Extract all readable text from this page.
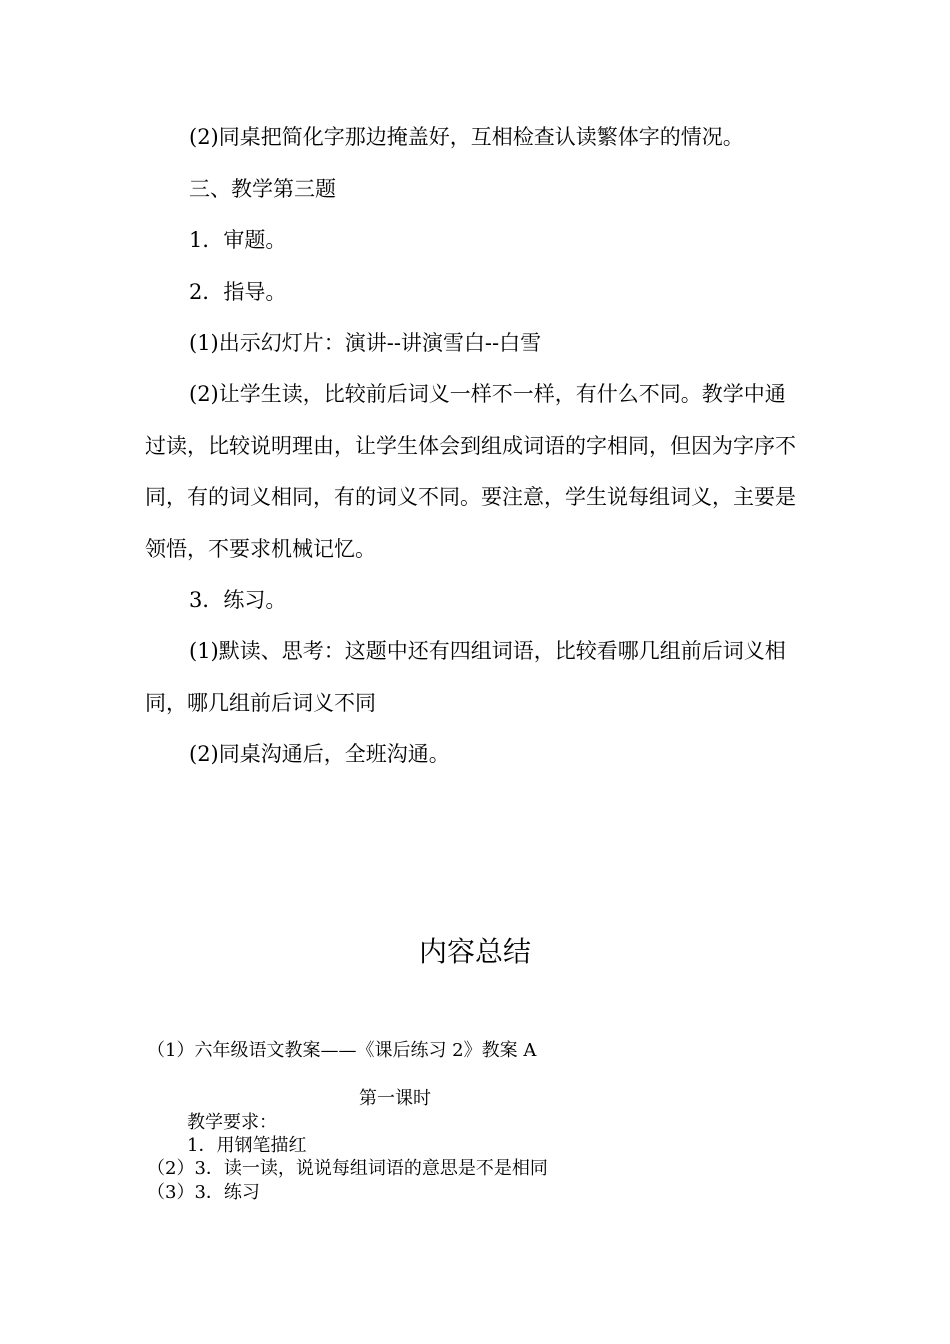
(2)同桌把简化字那边掩盖好，互相检查认读繁体字的情况。

三、教学第三题

1．审题。

2．指导。

(1)出示幻灯片：演讲--讲演雪白--白雪

(2)让学生读，比较前后词义一样不一样，有什么不同。教学中通过读，比较说明理由，让学生体会到组成词语的字相同，但因为字序不同，有的词义相同，有的词义不同。要注意，学生说每组词义，主要是领悟，不要求机械记忆。

3．练习。

(1)默读、思考：这题中还有四组词语，比较看哪几组前后词义相同，哪几组前后词义不同

(2)同桌沟通后，全班沟通。

内容总结
（1）六年级语文教案——《课后练习 2》教案 A
第一课时
教学要求：
1．用钢笔描红
（2）3．读一读，说说每组词语的意思是不是相同
（3）3．练习
